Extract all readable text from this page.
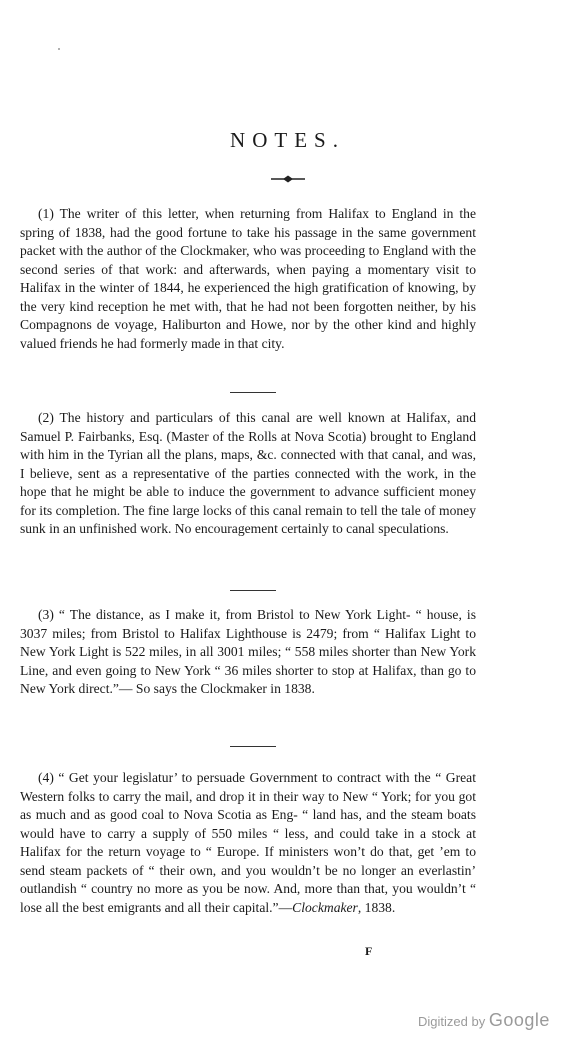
NOTES.

(1) The writer of this letter, when returning from Halifax to England in the spring of 1838, had the good fortune to take his passage in the same government packet with the author of the Clockmaker, who was proceeding to England with the second series of that work: and afterwards, when paying a momentary visit to Halifax in the winter of 1844, he experienced the high gratification of knowing, by the very kind reception he met with, that he had not been forgotten neither, by his Compagnons de voyage, Haliburton and Howe, nor by the other kind and highly valued friends he had formerly made in that city.

(2) The history and particulars of this canal are well known at Halifax, and Samuel P. Fairbanks, Esq. (Master of the Rolls at Nova Scotia) brought to England with him in the Tyrian all the plans, maps, &c. connected with that canal, and was, I believe, sent as a representative of the parties connected with the work, in the hope that he might be able to induce the government to advance sufficient money for its completion. The fine large locks of this canal remain to tell the tale of money sunk in an unfinished work. No encouragement certainly to canal speculations.

(3) “ The distance, as I make it, from Bristol to New York Light- “ house, is 3037 miles; from Bristol to Halifax Lighthouse is 2479; from “ Halifax Light to New York Light is 522 miles, in all 3001 miles; “ 558 miles shorter than New York Line, and even going to New York “ 36 miles shorter to stop at Halifax, than go to New York direct.”— So says the Clockmaker in 1838.

(4) “ Get your legislatur’ to persuade Government to contract with the “ Great Western folks to carry the mail, and drop it in their way to New “ York; for you got as much and as good coal to Nova Scotia as Eng- “ land has, and the steam boats would have to carry a supply of 550 miles “ less, and could take in a stock at Halifax for the return voyage to “ Europe. If ministers won’t do that, get ’em to send steam packets of “ their own, and you wouldn’t be no longer an everlastin’ outlandish “ country no more as you be now. And, more than that, you wouldn’t “ lose all the best emigrants and all their capital.”—Clockmaker, 1838.

F
Digitized by Google
